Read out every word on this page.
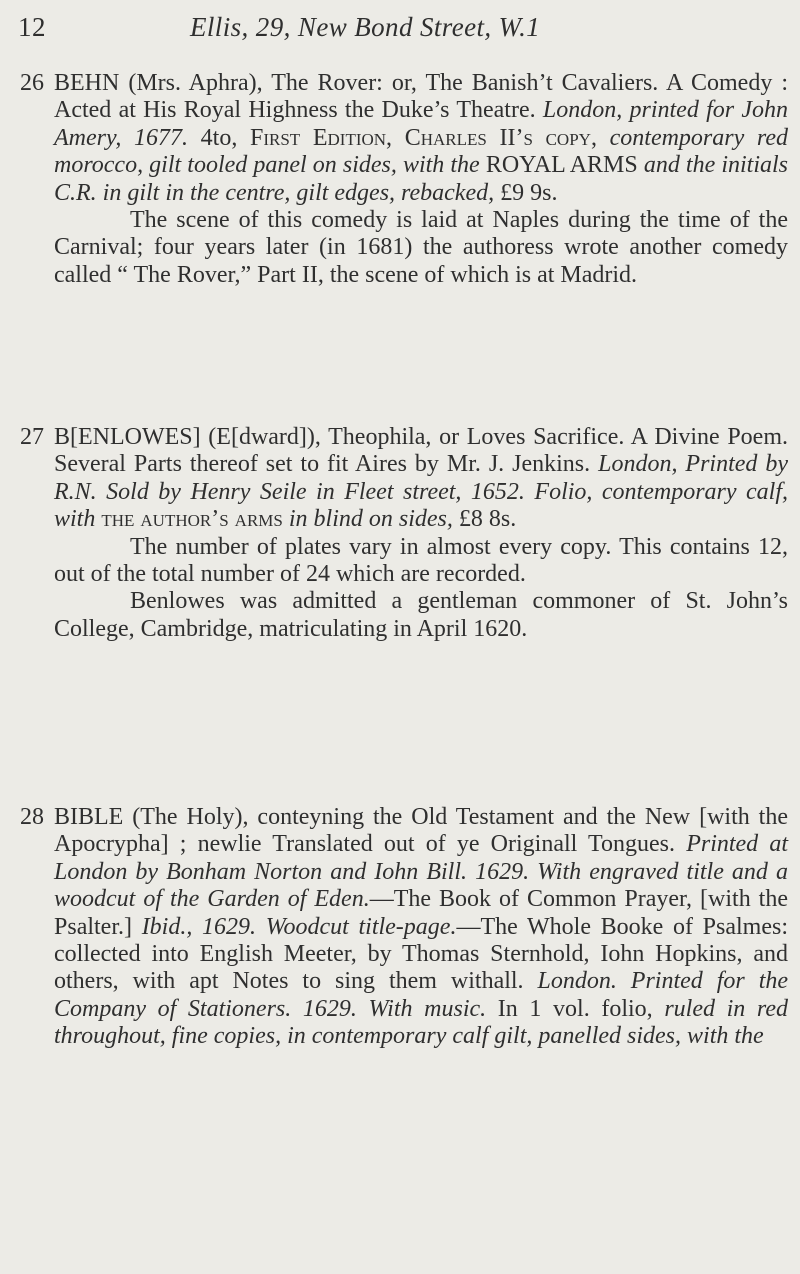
12	Ellis, 29, New Bond Street, W.1
26 BEHN (Mrs. Aphra), The Rover: or, The Banish’t Cavaliers. A Comedy : Acted at His Royal Highness the Duke’s Theatre. London, printed for John Amery, 1677. 4to, First Edition, Charles II’s copy, contemporary red morocco, gilt tooled panel on sides, with the ROYAL ARMS and the initials C.R. in gilt in the centre, gilt edges, rebacked, £9 9s.

The scene of this comedy is laid at Naples during the time of the Carnival; four years later (in 1681) the authoress wrote another comedy called “ The Rover,” Part II, the scene of which is at Madrid.

27 B[ENLOWES] (E[dward]), Theophila, or Loves Sacrifice. A Divine Poem. Several Parts thereof set to fit Aires by Mr. J. Jenkins. London, Printed by R.N. Sold by Henry Seile in Fleet street, 1652. Folio, contemporary calf, with the author’s arms in blind on sides, £8 8s.

The number of plates vary in almost every copy. This contains 12, out of the total number of 24 which are recorded.

Benlowes was admitted a gentleman commoner of St. John’s College, Cambridge, matriculating in April 1620.

28 BIBLE (The Holy), conteyning the Old Testament and the New [with the Apocrypha] ; newlie Translated out of ye Originall Tongues. Printed at London by Bonham Norton and Iohn Bill. 1629. With engraved title and a woodcut of the Garden of Eden.—The Book of Common Prayer, [with the Psalter.] Ibid., 1629. Woodcut title-page.—The Whole Booke of Psalmes: collected into English Meeter, by Thomas Sternhold, Iohn Hopkins, and others, with apt Notes to sing them withall. London. Printed for the Company of Stationers. 1629. With music. In 1 vol. folio, ruled in red throughout, fine copies, in contemporary calf gilt, panelled sides, with the
